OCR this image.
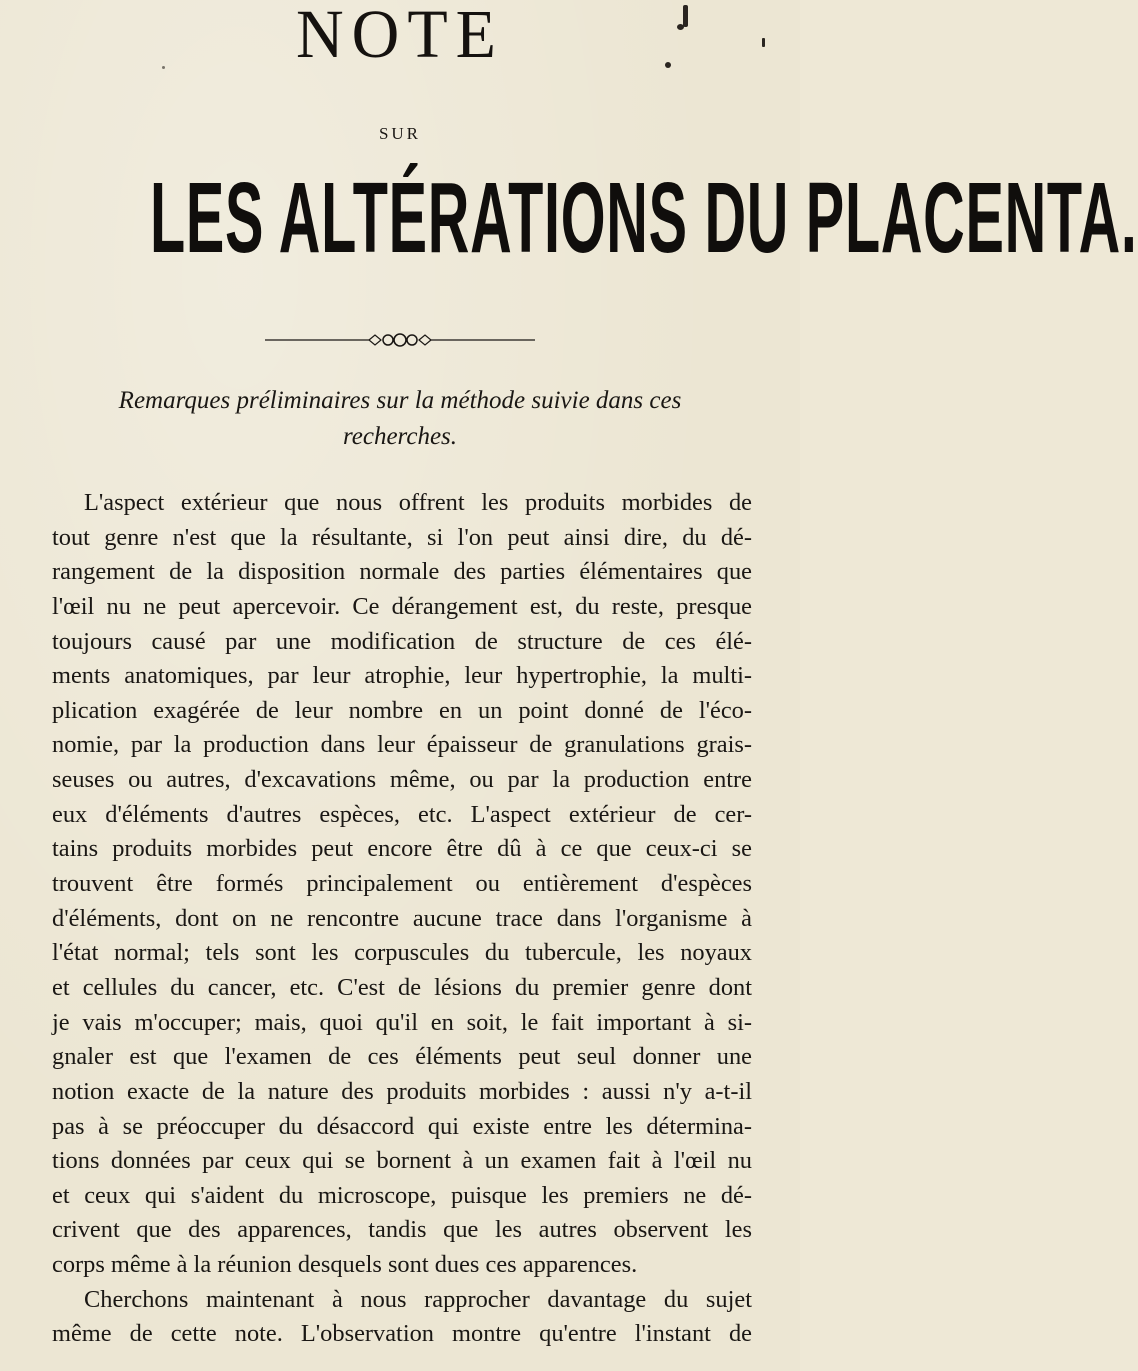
NOTE
SUR
LES ALTÉRATIONS DU PLACENTA.
Remarques préliminaires sur la méthode suivie dans ces
recherches.
L'aspect extérieur que nous offrent les produits morbides de
tout genre n'est que la résultante, si l'on peut ainsi dire, du dé-
rangement de la disposition normale des parties élémentaires que
l'œil nu ne peut apercevoir. Ce dérangement est, du reste, presque
toujours causé par une modification de structure de ces élé-
ments anatomiques, par leur atrophie, leur hypertrophie, la multi-
plication exagérée de leur nombre en un point donné de l'éco-
nomie, par la production dans leur épaisseur de granulations grais-
seuses ou autres, d'excavations même, ou par la production entre
eux d'éléments d'autres espèces, etc. L'aspect extérieur de cer-
tains produits morbides peut encore être dû à ce que ceux-ci se
trouvent être formés principalement ou entièrement d'espèces
d'éléments, dont on ne rencontre aucune trace dans l'organisme à
l'état normal; tels sont les corpuscules du tubercule, les noyaux
et cellules du cancer, etc. C'est de lésions du premier genre dont
je vais m'occuper; mais, quoi qu'il en soit, le fait important à si-
gnaler est que l'examen de ces éléments peut seul donner une
notion exacte de la nature des produits morbides : aussi n'y a-t-il
pas à se préoccuper du désaccord qui existe entre les détermina-
tions données par ceux qui se bornent à un examen fait à l'œil nu
et ceux qui s'aident du microscope, puisque les premiers ne dé-
crivent que des apparences, tandis que les autres observent les
corps même à la réunion desquels sont dues ces apparences.
Cherchons maintenant à nous rapprocher davantage du sujet
même de cette note. L'observation montre qu'entre l'instant de
